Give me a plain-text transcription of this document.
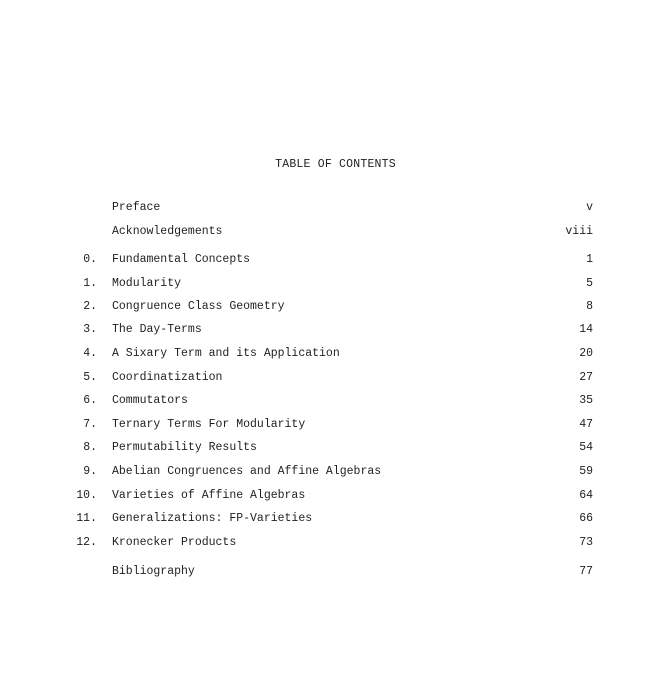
TABLE OF CONTENTS
Preface	v
Acknowledgements	viii
0. Fundamental Concepts	1
1. Modularity	5
2. Congruence Class Geometry	8
3. The Day-Terms	14
4. A Sixary Term and its Application	20
5. Coordinatization	27
6. Commutators	35
7. Ternary Terms For Modularity	47
8. Permutability Results	54
9. Abelian Congruences and Affine Algebras	59
10. Varieties of Affine Algebras	64
11. Generalizations: FP-Varieties	66
12. Kronecker Products	73
Bibliography	77
